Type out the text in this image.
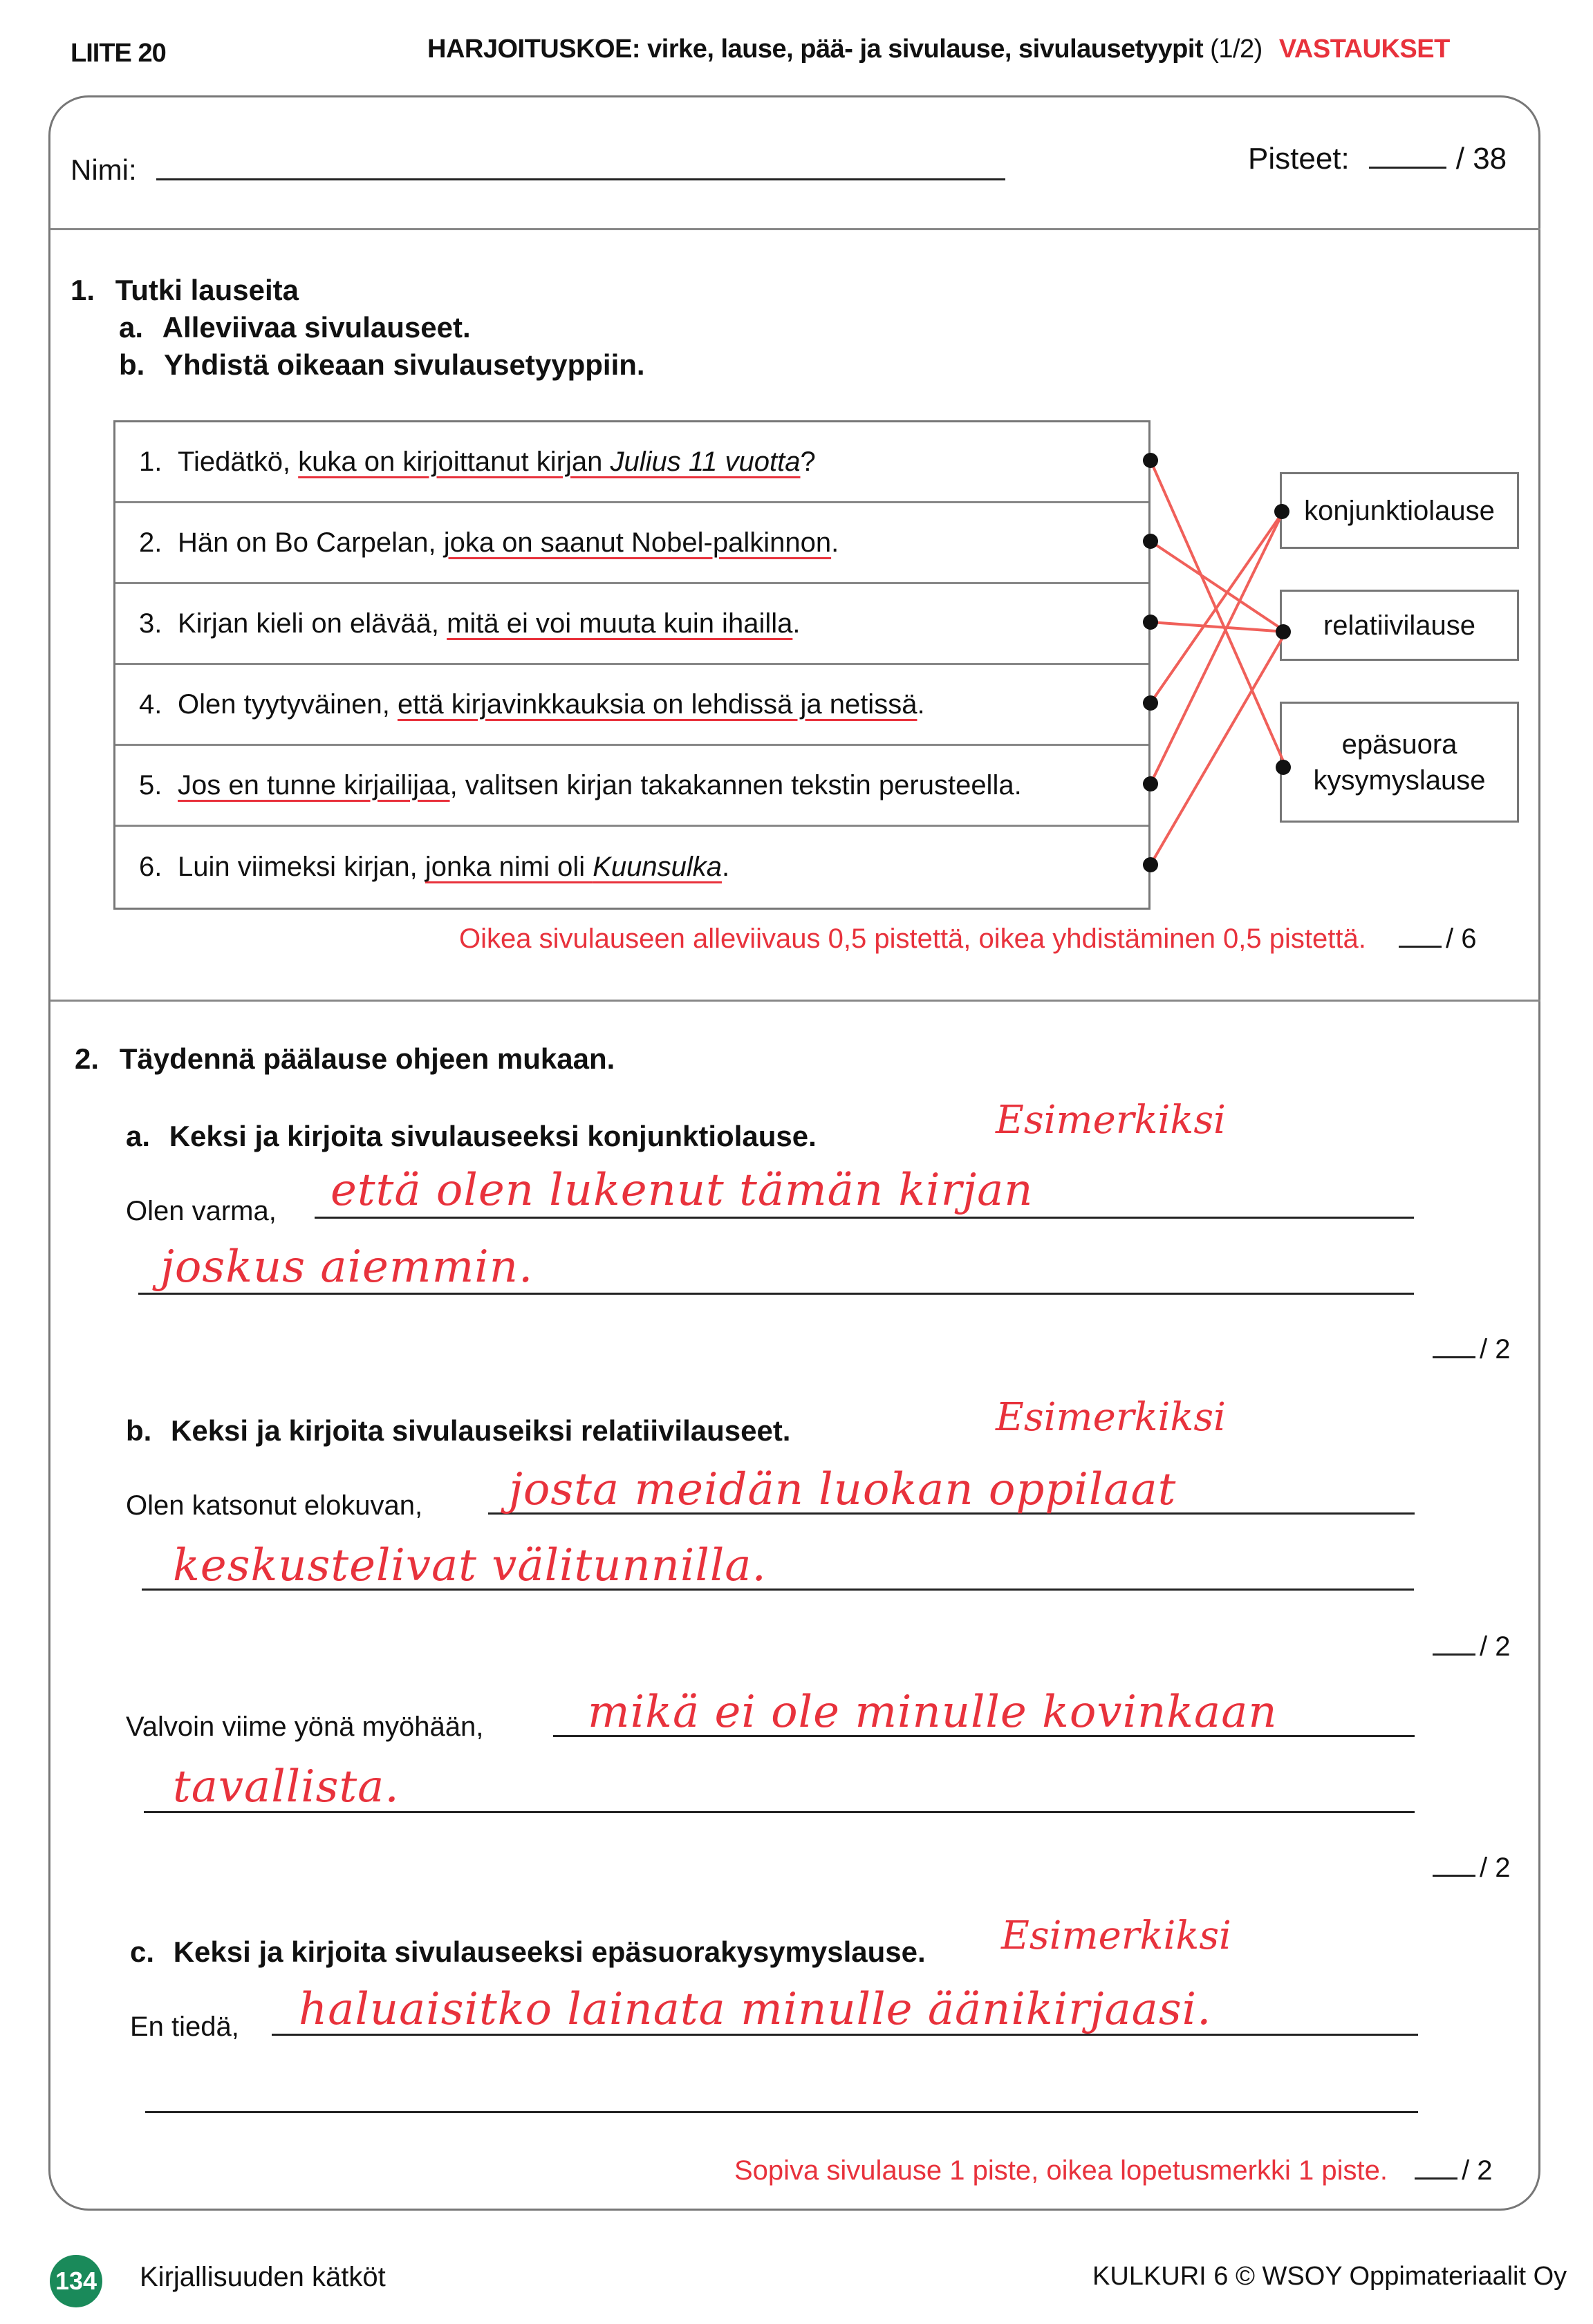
LIITE 20	HARJOITUSKOE: virke, lause, pää- ja sivulause, sivulausetyypit (1/2) VASTAUKSET
Nimi:	Pisteet:	/ 38
1. Tutki lauseita
a. Alleviivaa sivulauseet.
b. Yhdistä oikeaan sivulausetyyppiin.
1. Tiedätkö, kuka on kirjoittanut kirjan Julius 11 vuotta?
2. Hän on Bo Carpelan, joka on saanut Nobel-palkinnon.
3. Kirjan kieli on elävää, mitä ei voi muuta kuin ihailla.
4. Olen tyytyväinen, että kirjavinkkauksia on lehdissä ja netissä.
5. Jos en tunne kirjailijaa, valitsen kirjan takakannen tekstin perusteella.
6. Luin viimeksi kirjan, jonka nimi oli Kuunsulka.
konjunktiolause
relatiivilause
epäsuora kysymyslause
Oikea sivulauseen alleviivaus 0,5 pistettä, oikea yhdistäminen 0,5 pistettä.	/ 6
2. Täydennä päälause ohjeen mukaan.
a. Keksi ja kirjoita sivulauseeksi konjunktiolause.	Esimerkiksi
Olen varma, että olen lukenut tämän kirjan
joskus aiemmin.
/ 2
b. Keksi ja kirjoita sivulauseiksi relatiivilauseet.	Esimerkiksi
Olen katsonut elokuvan, josta meidän luokan oppilaat
keskustelivat välitunnilla.
/ 2
Valvoin viime yönä myöhään, mikä ei ole minulle kovinkaan
tavallista.
/ 2
c. Keksi ja kirjoita sivulauseeksi epäsuorakysymyslause. Esimerkiksi
En tiedä, haluaisitko lainata minulle äänikirjaasi.
Sopiva sivulause 1 piste, oikea lopetusmerkki 1 piste.	/ 2
134 Kirjallisuuden kätköt	KULKURI 6 © WSOY Oppimateriaalit Oy
